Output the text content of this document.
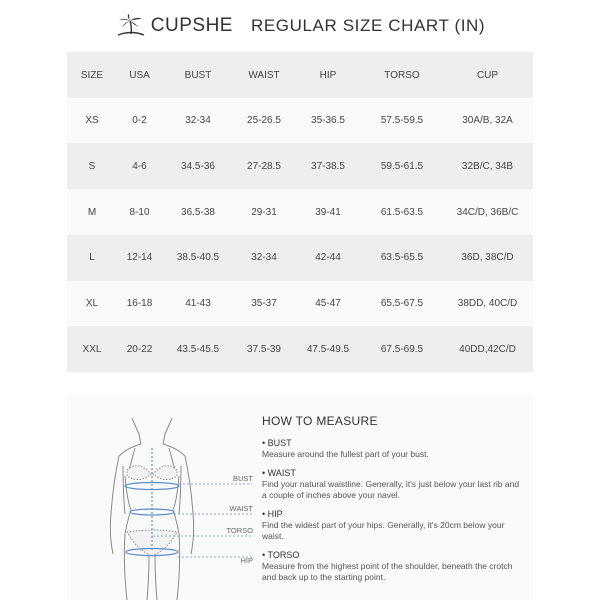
CUPSHE REGULAR SIZE CHART (IN)
SIZE	USA	BUST	WAIST	HIP	TORSO	CUP
XS	0-2	32-34	25-26.5	35-36.5	57.5-59.5	30A/B, 32A
S	4-6	34.5-36	27-28.5	37-38.5	59.5-61.5	32B/C, 34B
M	8-10	36.5-38	29-31	39-41	61.5-63.5	34C/D, 36B/C
L	12-14	38.5-40.5	32-34	42-44	63.5-65.5	36D, 38C/D
XL	16-18	41-43	35-37	45-47	65.5-67.5	38DD, 40C/D
XXL	20-22	43.5-45.5	37.5-39	47.5-49.5	67.5-69.5	40DD,42C/D
BUST
WAIST
TORSO
HIP
HOW TO MEASURE
• BUST
Measure around the fullest part of your bust.
• WAIST
Find your natural waistline. Generally, it's just below your last rib and a couple of inches above your navel.
• HIP
Find the widest part of your hips. Generally, it's 20cm below your waist.
• TORSO
Measure from the highest point of the shoulder, beneath the crotch and back up to the starting point.
